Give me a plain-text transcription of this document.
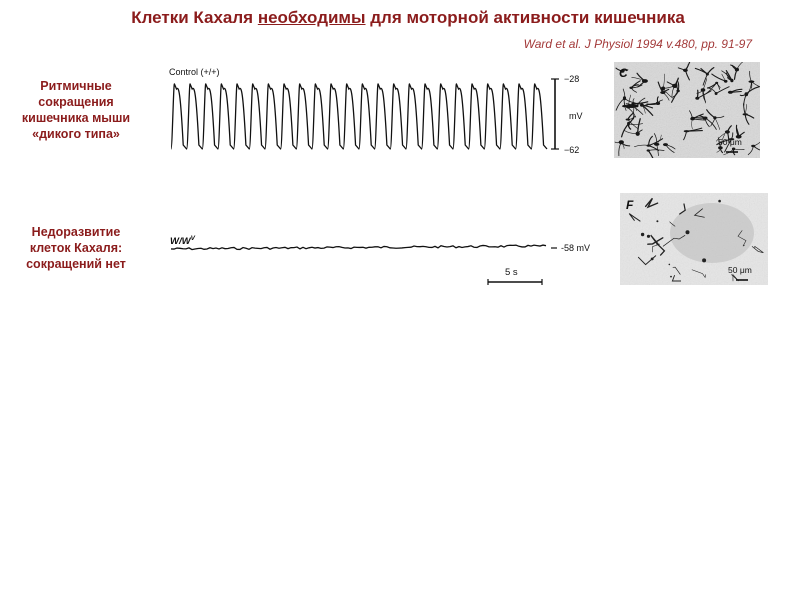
Клетки Кахаля необходимы для моторной активности кишечника
Ward et al. J Physiol 1994 v.480, pp. 91-97
Ритмичные
сокращения
кишечника мыши
«дикого типа»
Недоразвитие
клеток Кахаля:
сокращений нет
Control (+/+)
−28
mV
−62
$W/W^V$
-58 mV
5 s
C
50 μm
F
50 μm
